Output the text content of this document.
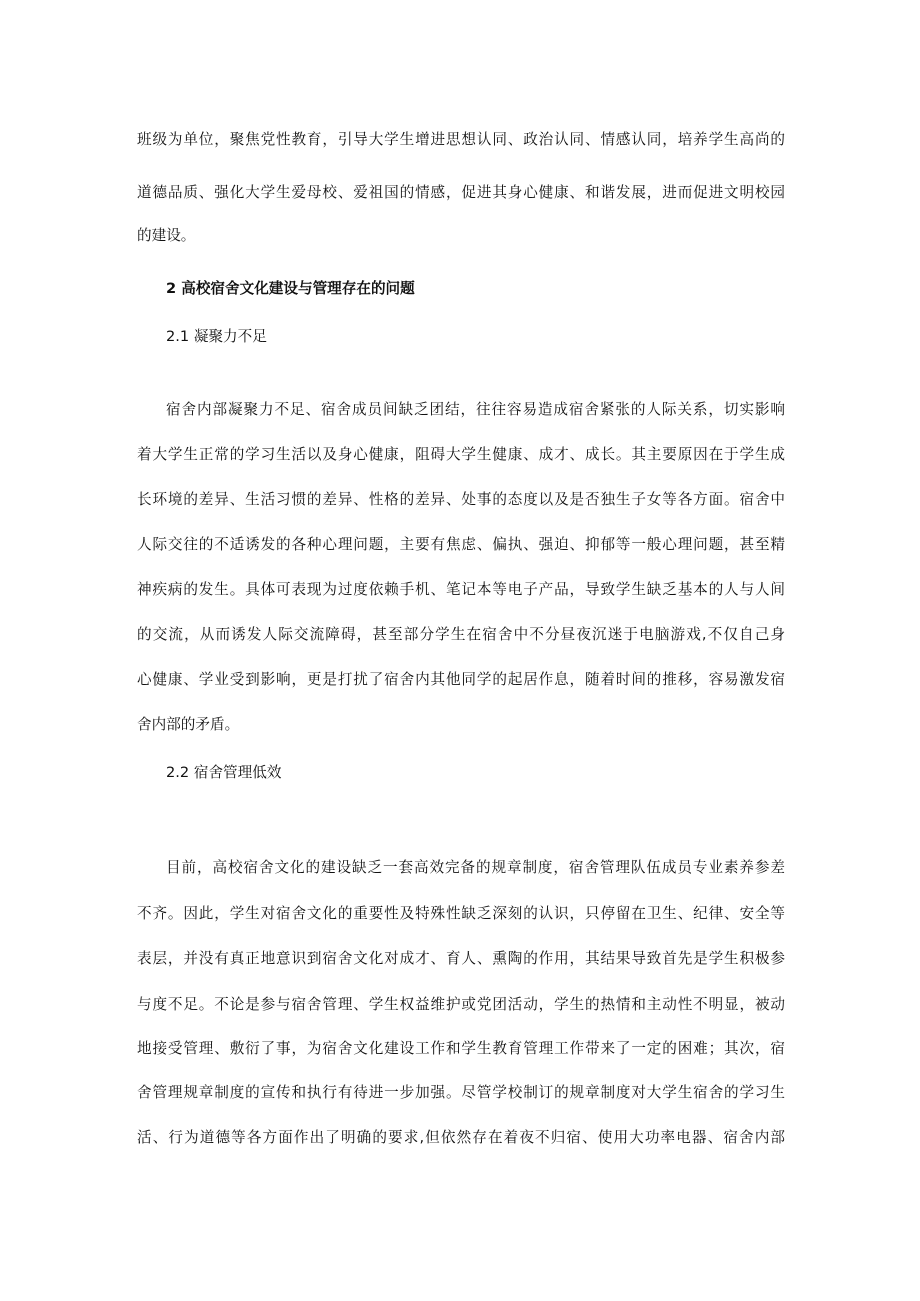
班级为单位，聚焦党性教育，引导大学生增进思想认同、政治认同、情感认同，培养学生高尚的
道德品质、强化大学生爱母校、爱祖国的情感，促进其身心健康、和谐发展，进而促进文明校园
的建设。
2 高校宿舍文化建设与管理存在的问题
2.1 凝聚力不足
宿舍内部凝聚力不足、宿舍成员间缺乏团结，往往容易造成宿舍紧张的人际关系，切实影响
着大学生正常的学习生活以及身心健康，阻碍大学生健康、成才、成长。其主要原因在于学生成
长环境的差异、生活习惯的差异、性格的差异、处事的态度以及是否独生子女等各方面。宿舍中
人际交往的不适诱发的各种心理问题，主要有焦虑、偏执、强迫、抑郁等一般心理问题，甚至精
神疾病的发生。具体可表现为过度依赖手机、笔记本等电子产品，导致学生缺乏基本的人与人间
的交流，从而诱发人际交流障碍，甚至部分学生在宿舍中不分昼夜沉迷于电脑游戏,不仅自己身
心健康、学业受到影响，更是打扰了宿舍内其他同学的起居作息，随着时间的推移，容易激发宿
舍内部的矛盾。
2.2 宿舍管理低效
目前，高校宿舍文化的建设缺乏一套高效完备的规章制度，宿舍管理队伍成员专业素养参差
不齐。因此，学生对宿舍文化的重要性及特殊性缺乏深刻的认识，只停留在卫生、纪律、安全等
表层，并没有真正地意识到宿舍文化对成才、育人、熏陶的作用，其结果导致首先是学生积极参
与度不足。不论是参与宿舍管理、学生权益维护或党团活动，学生的热情和主动性不明显，被动
地接受管理、敷衍了事，为宿舍文化建设工作和学生教育管理工作带来了一定的困难；其次，宿
舍管理规章制度的宣传和执行有待进一步加强。尽管学校制订的规章制度对大学生宿舍的学习生
活、行为道德等各方面作出了明确的要求,但依然存在着夜不归宿、使用大功率电器、宿舍内部
